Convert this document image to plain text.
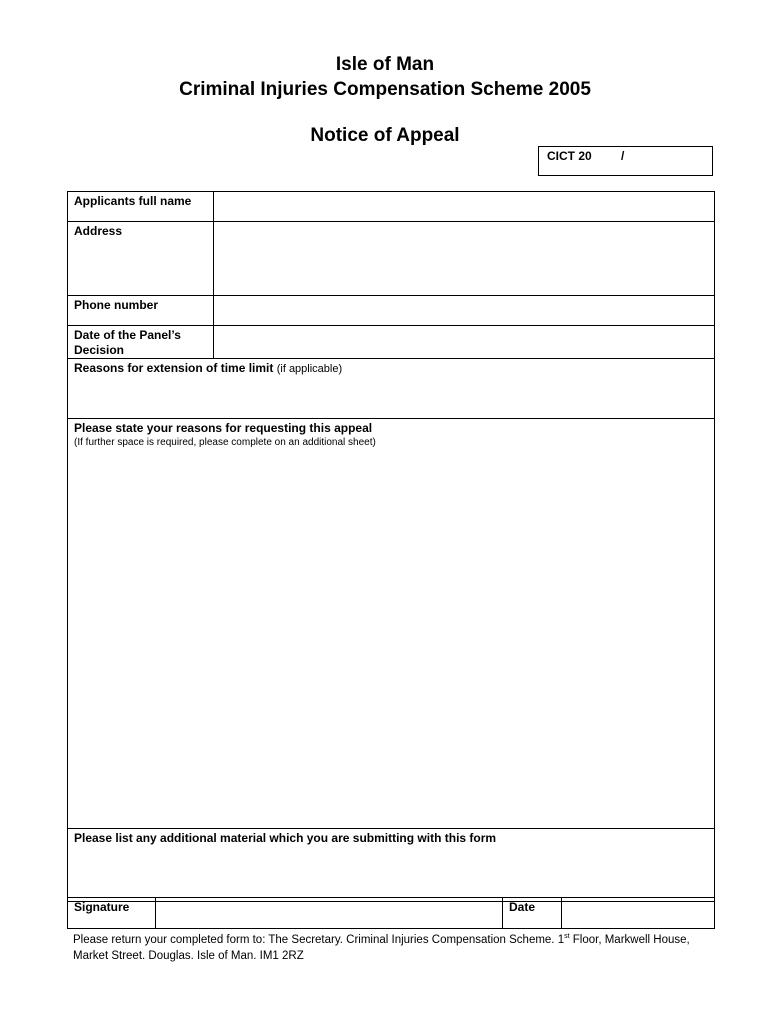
Isle of Man
Criminal Injuries Compensation Scheme 2005
Notice of Appeal
CICT 20 /
Applicants full name	
Address	
Phone number	
Date of the Panel’s Decision	
Reasons for extension of time limit (if applicable)	
Please state your reasons for requesting this appeal
(If further space is required, please complete on an additional sheet)	

Please list any additional material which you are submitting with this form	
Signature		Date	
Please return your completed form to: The Secretary. Criminal Injuries Compensation Scheme. 1st Floor, Markwell House, Market Street. Douglas. Isle of Man. IM1 2RZ
